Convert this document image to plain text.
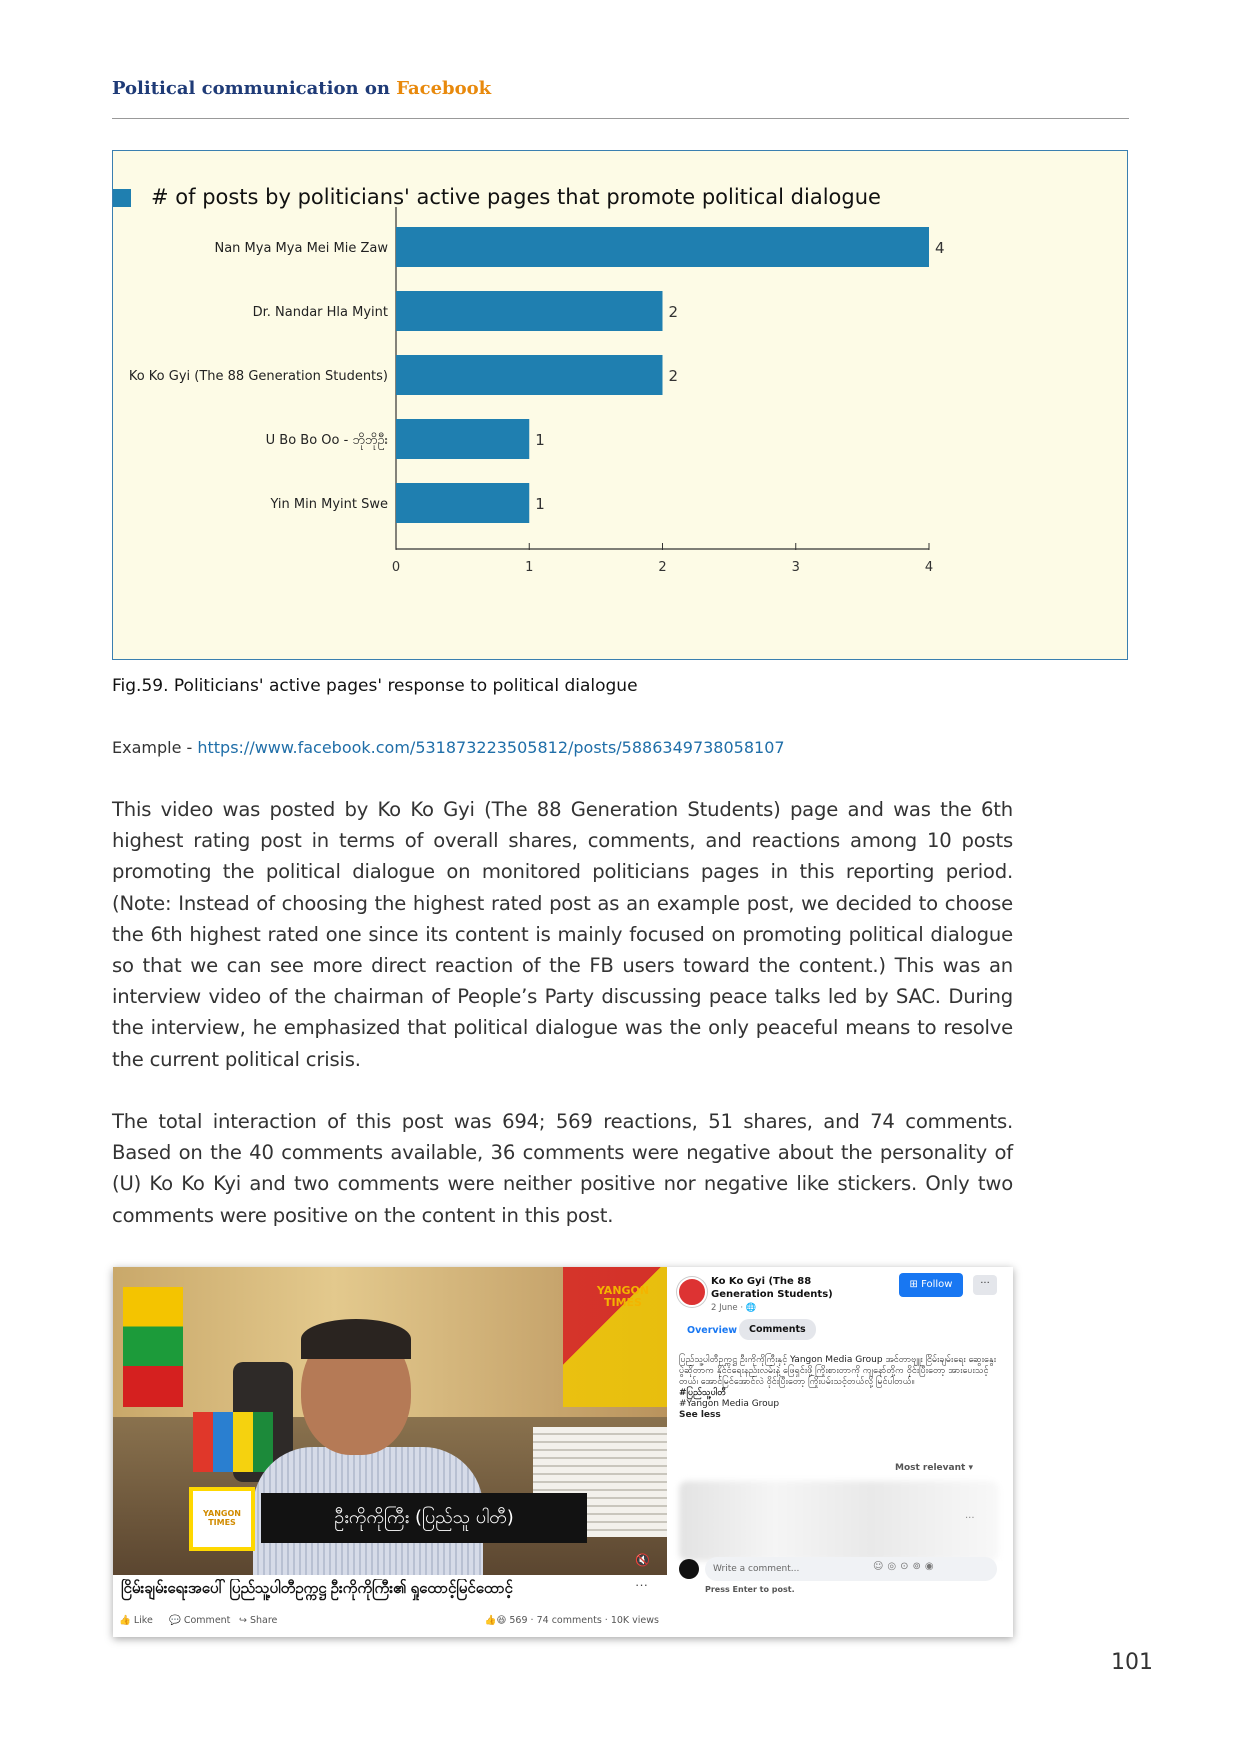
Political communication on Facebook
# of posts by politicians' active pages that promote political dialogue
0	1	2	3	4
Nan Mya Mya Mei Mie Zaw	4
Dr. Nandar Hla Myint	2
Ko Ko Gyi (The 88 Generation Students)	2
U Bo Bo Oo - ဘိုဘိုဦး	1
Yin Min Myint Swe	1
Fig.59. Politicians' active pages' response to political dialogue
Example - https://www.facebook.com/531873223505812/posts/5886349738058107
This video was posted by Ko Ko Gyi (The 88 Generation Students) page and was the 6th highest rating post in terms of overall shares, comments, and reactions among 10 posts promoting the political dialogue on monitored politicians pages in this reporting period. (Note: Instead of choosing the highest rated post as an example post, we decided to choose the 6th highest rated one since its content is mainly focused on promoting political dialogue so that we can see more direct reaction of the FB users toward the content.) This was an interview video of the chairman of People’s Party discussing peace talks led by SAC. During the interview, he emphasized that political dialogue was the only peaceful means to resolve the current political crisis.
The total interaction of this post was 694; 569 reactions, 51 shares, and 74 comments. Based on the 40 comments available, 36 comments were negative about the personality of (U) Ko Ko Kyi and two comments were neither positive nor negative like stickers. Only two comments were positive on the content in this post.
YANGON TIMES
YANGON TIMES	ဦးကိုကိုကြီး (ပြည်သူ ပါတီ)
🔇
ငြိမ်းချမ်းရေးအပေါ် ပြည်သူ့ပါတီဥက္ကဋ္ဌ ဦးကိုကိုကြီး၏ ရှုထောင့်မြင်ထောင့်	···
👍 Like 💬 Comment ↪ Share	👍😆 569 · 74 comments · 10K views
Ko Ko Gyi (The 88 Generation Students)
2 June · 🌐
⊞ Follow	···
Overview	Comments
ပြည်သူ့ပါတီဥက္ကဋ္ဌ ဦးကိုကိုကြီးနှင့် Yangon Media Group အင်တာဗျူး ငြိမ်းချမ်းရေး ဆွေးနွေးပွဲဆိုတာက နိုင်ငံရေးနည်းလမ်းနဲ့ ဖြေရှင်းဖို့ ကြိုးစားတာကို ကျနော်တို့က ဝိုင်းပြီးတော့ အားပေးသင့်တယ်၊ အောင်မြင်အောင်လဲ ဝိုင်းပြီးတော့ ကြိုးပမ်းသင့်တယ်လို့ မြင်ပါတယ်။
#ပြည်သူ့ပါတီ
#Yangon Media Group
See less
Most relevant ▾
···
Write a comment...	☺◎⊙⊚◉
Press Enter to post.
101
